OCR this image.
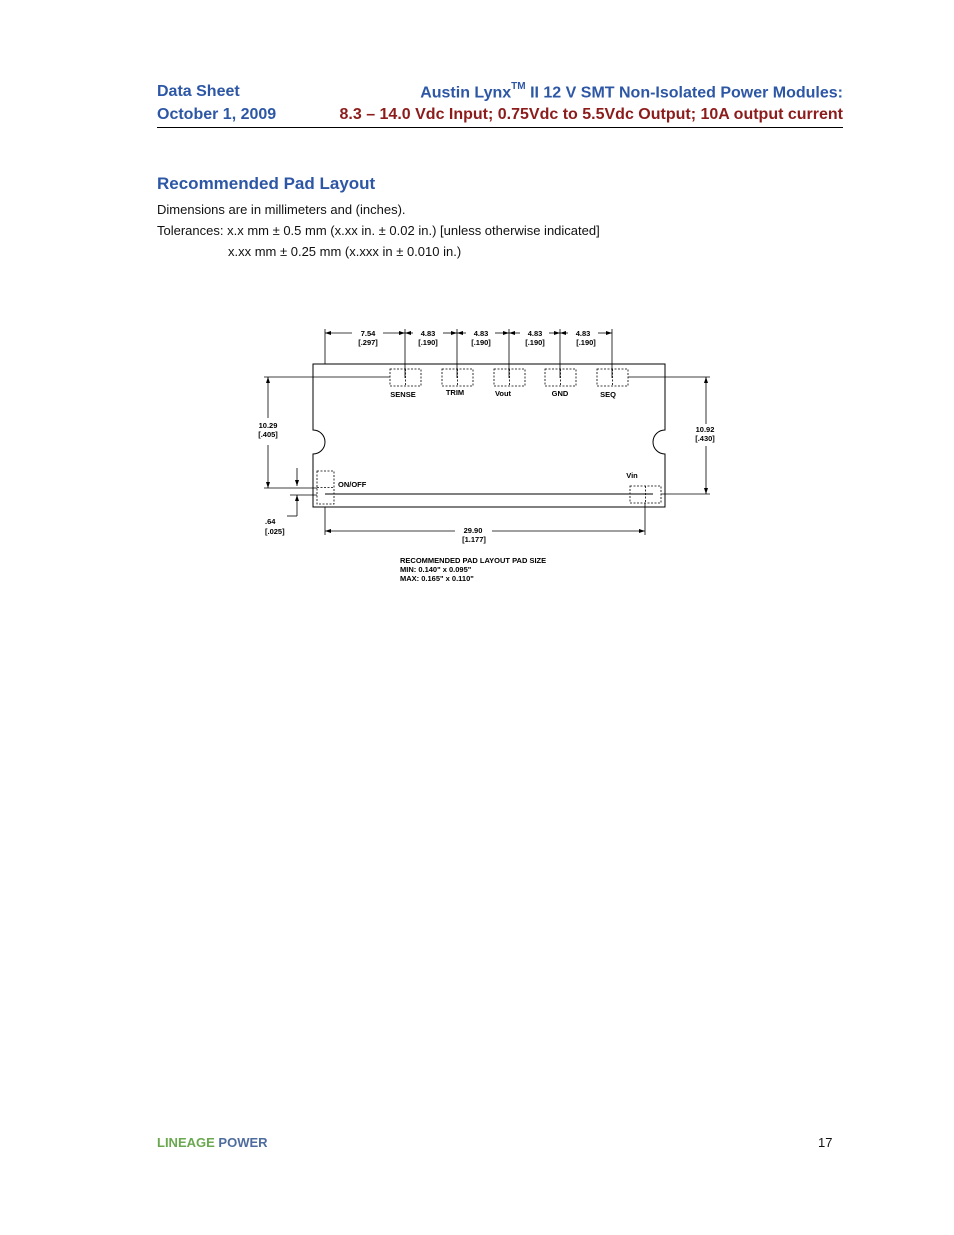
Data Sheet
October 1, 2009
Austin Lynx™ II 12 V SMT Non-Isolated Power Modules:
8.3 – 14.0 Vdc Input; 0.75Vdc to 5.5Vdc Output; 10A output current
Recommended Pad Layout
Dimensions are in millimeters and (inches).
Tolerances: x.x mm ± 0.5 mm (x.xx in. ± 0.02 in.) [unless otherwise indicated]
x.xx mm ± 0.25 mm (x.xxx in ± 0.010 in.)
7.54
[.297]
4.83
[.190]
4.83
[.190]
4.83
[.190]
4.83
[.190]
10.29
[.405]
10.92
[.430]
.64
[.025]	29.90
[1.177]
SENSE	TRIM	Vout	GND	SEQ
ON/OFF
Vin
RECOMMENDED PAD LAYOUT PAD SIZE
MIN: 0.140" x 0.095"
MAX: 0.165" x 0.110"
LINEAGE POWER	17
